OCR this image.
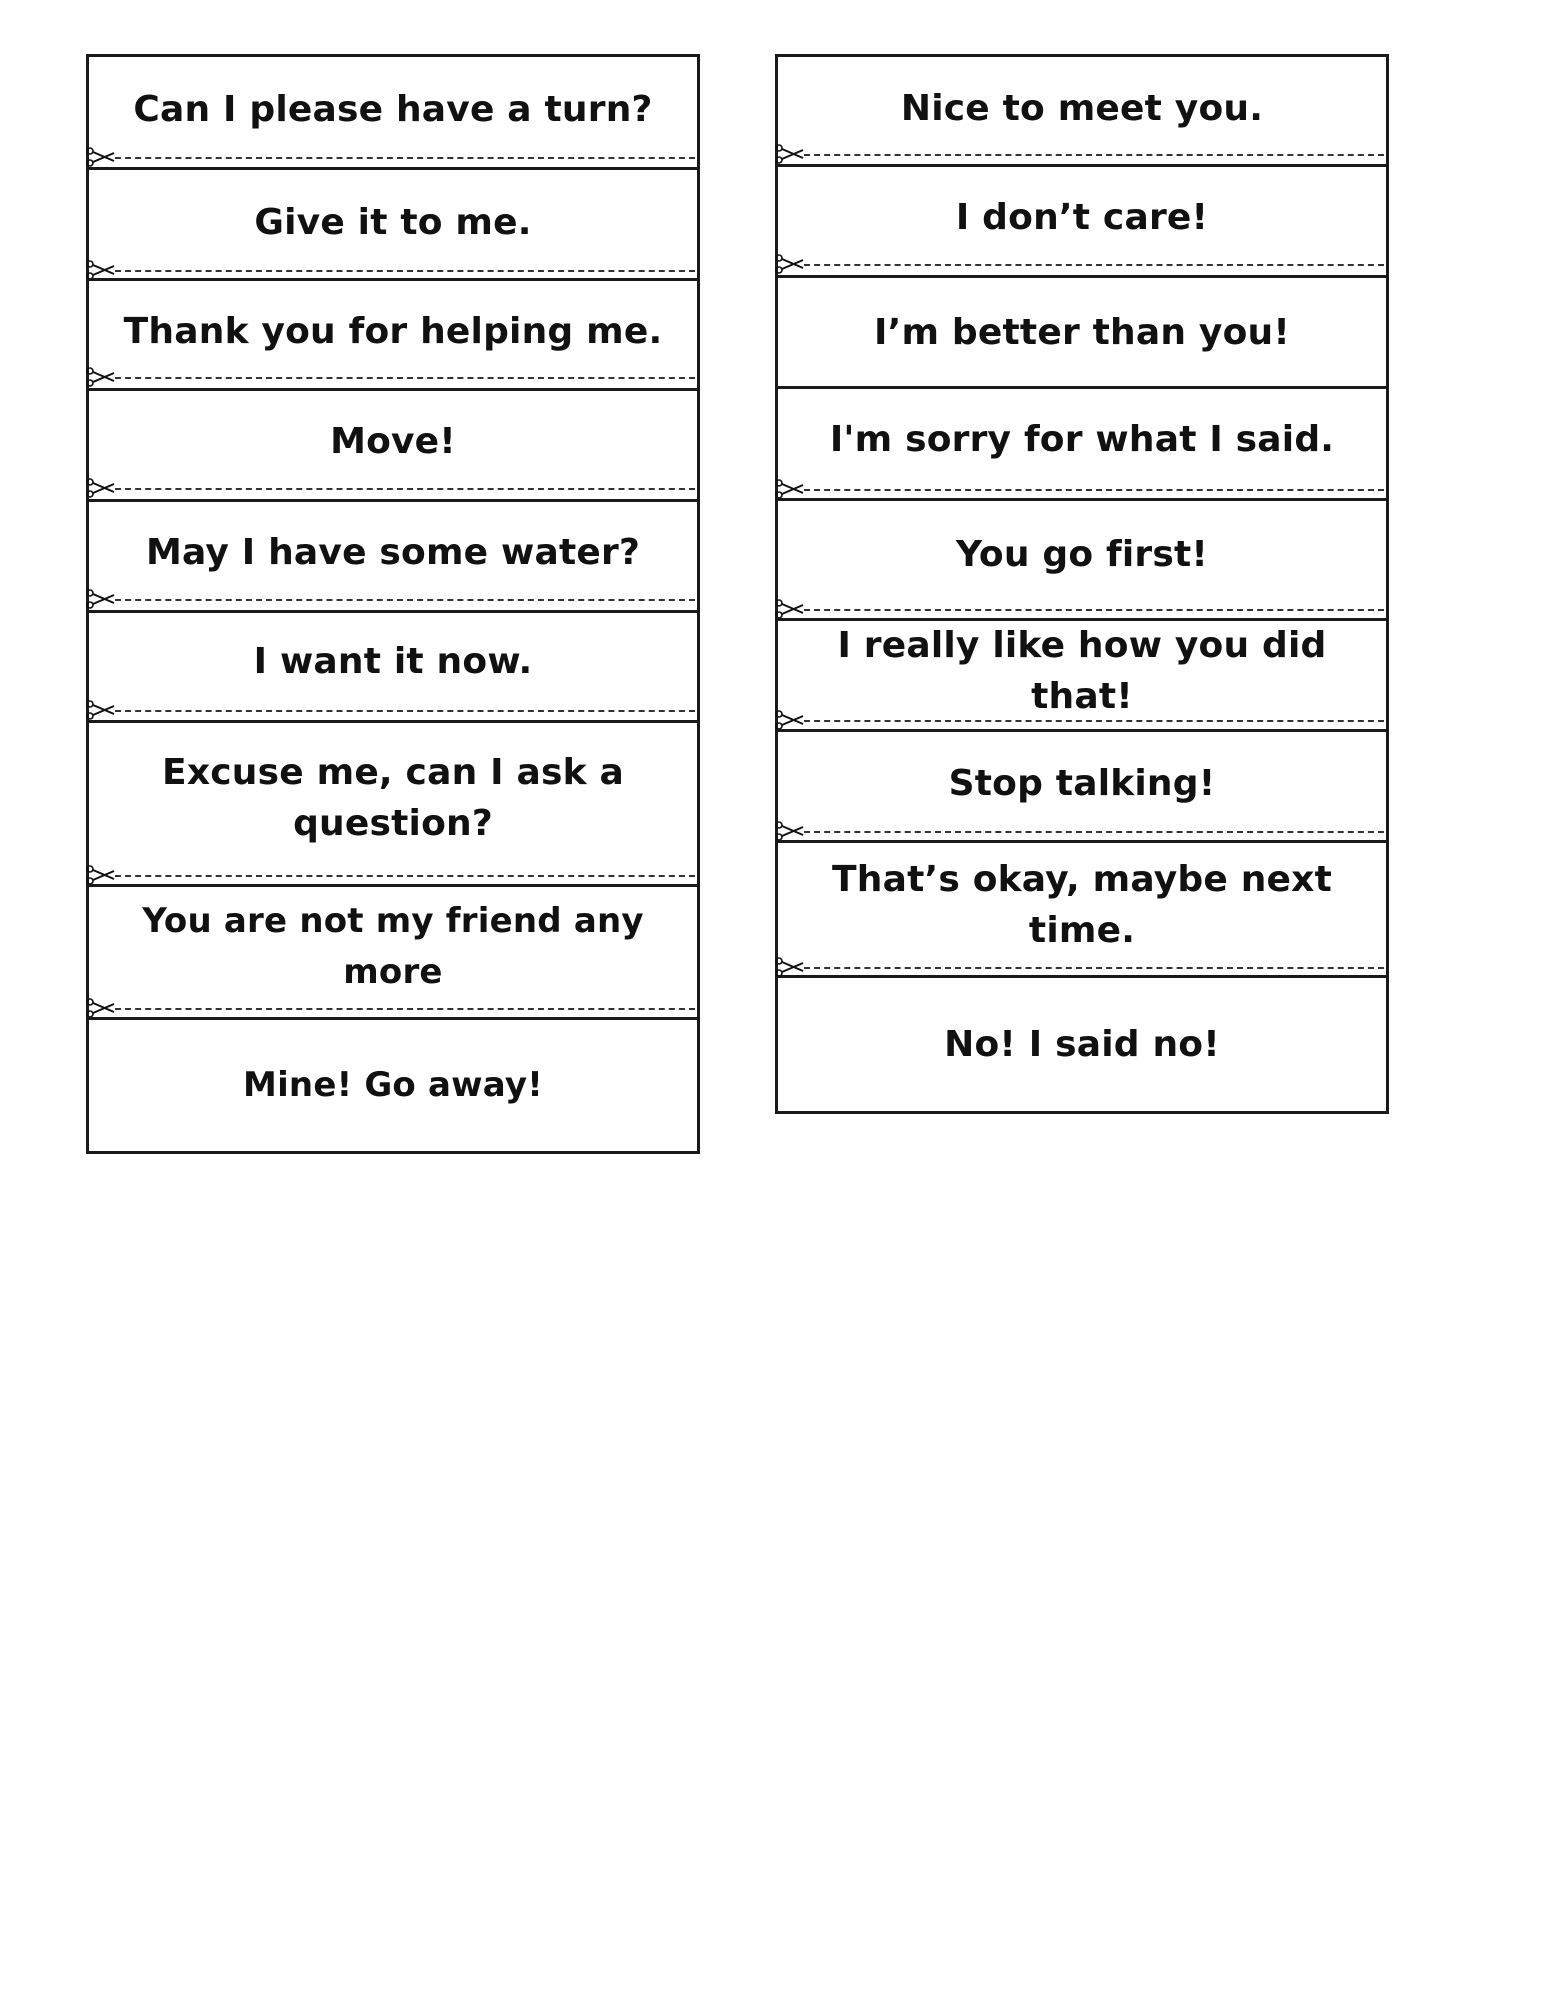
Can I please have a turn?
Give it to me.
Thank you for helping me.
Move!
May I have some water?
I want it now.
Excuse me, can I ask a question?
You are not my friend any more
Mine! Go away!
Nice to meet you.
I don’t care!
I’m better than you!
I'm sorry for what I said.
You go first!
I really like how you did that!
Stop talking!
That’s okay, maybe next time.
No! I said no!
